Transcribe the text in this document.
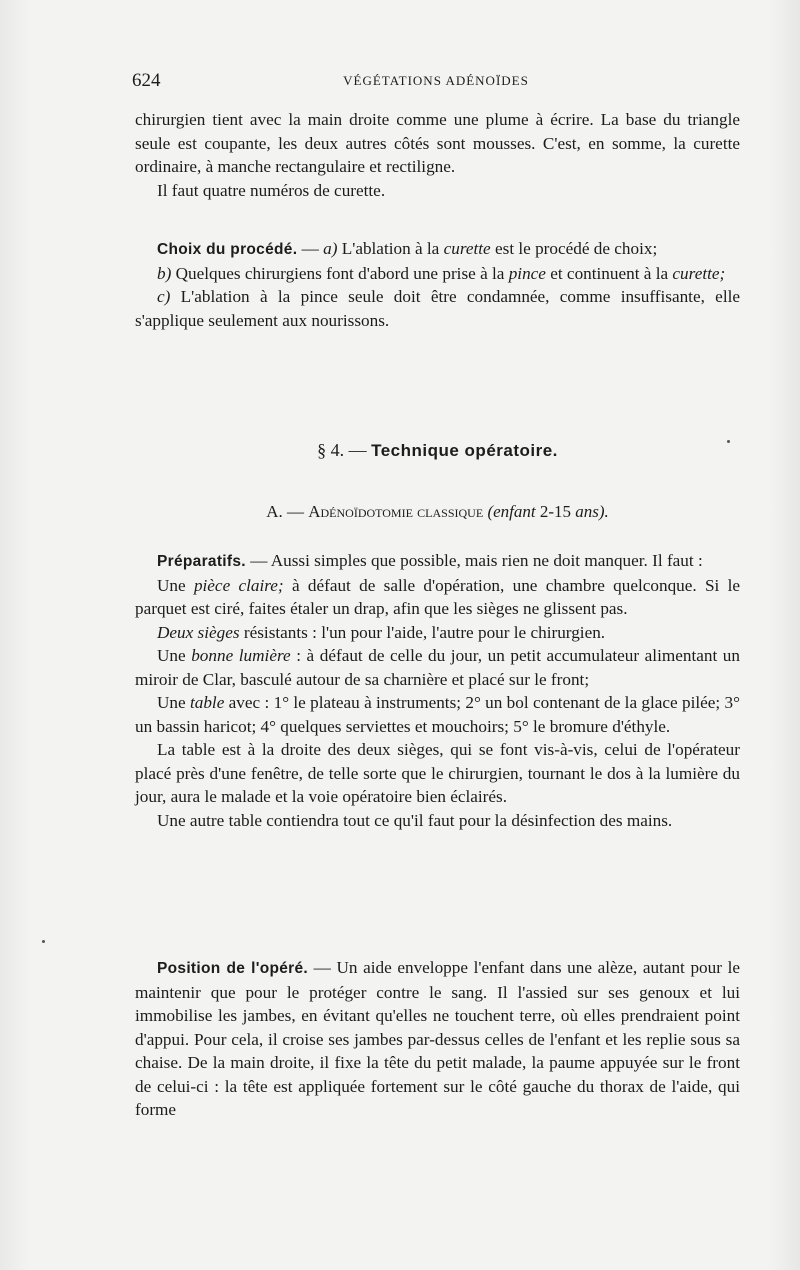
624	VÉGÉTATIONS ADÉNOÏDES

chirurgien tient avec la main droite comme une plume à écrire. La base du triangle seule est coupante, les deux autres côtés sont mousses. C'est, en somme, la curette ordinaire, à manche rectangulaire et rectiligne.

Il faut quatre numéros de curette.

Choix du procédé. — a) L'ablation à la curette est le procédé de choix;

b) Quelques chirurgiens font d'abord une prise à la pince et continuent à la curette;

c) L'ablation à la pince seule doit être condamnée, comme insuffisante, elle s'applique seulement aux nourissons.

§ 4. — Technique opératoire.
A. — Adénoïdotomie classique (enfant 2-15 ans).

Préparatifs. — Aussi simples que possible, mais rien ne doit manquer. Il faut :

Une pièce claire; à défaut de salle d'opération, une chambre quelconque. Si le parquet est ciré, faites étaler un drap, afin que les sièges ne glissent pas.

Deux sièges résistants : l'un pour l'aide, l'autre pour le chirurgien.

Une bonne lumière : à défaut de celle du jour, un petit accumulateur alimentant un miroir de Clar, basculé autour de sa charnière et placé sur le front;

Une table avec : 1° le plateau à instruments; 2° un bol contenant de la glace pilée; 3° un bassin haricot; 4° quelques serviettes et mouchoirs; 5° le bromure d'éthyle.

La table est à la droite des deux sièges, qui se font vis-à-vis, celui de l'opérateur placé près d'une fenêtre, de telle sorte que le chirurgien, tournant le dos à la lumière du jour, aura le malade et la voie opératoire bien éclairés.

Une autre table contiendra tout ce qu'il faut pour la désinfection des mains.

Position de l'opéré. — Un aide enveloppe l'enfant dans une alèze, autant pour le maintenir que pour le protéger contre le sang. Il l'assied sur ses genoux et lui immobilise les jambes, en évitant qu'elles ne touchent terre, où elles prendraient point d'appui. Pour cela, il croise ses jambes par-dessus celles de l'enfant et les replie sous sa chaise. De la main droite, il fixe la tête du petit malade, la paume appuyée sur le front de celui-ci : la tête est appliquée fortement sur le côté gauche du thorax de l'aide, qui forme
